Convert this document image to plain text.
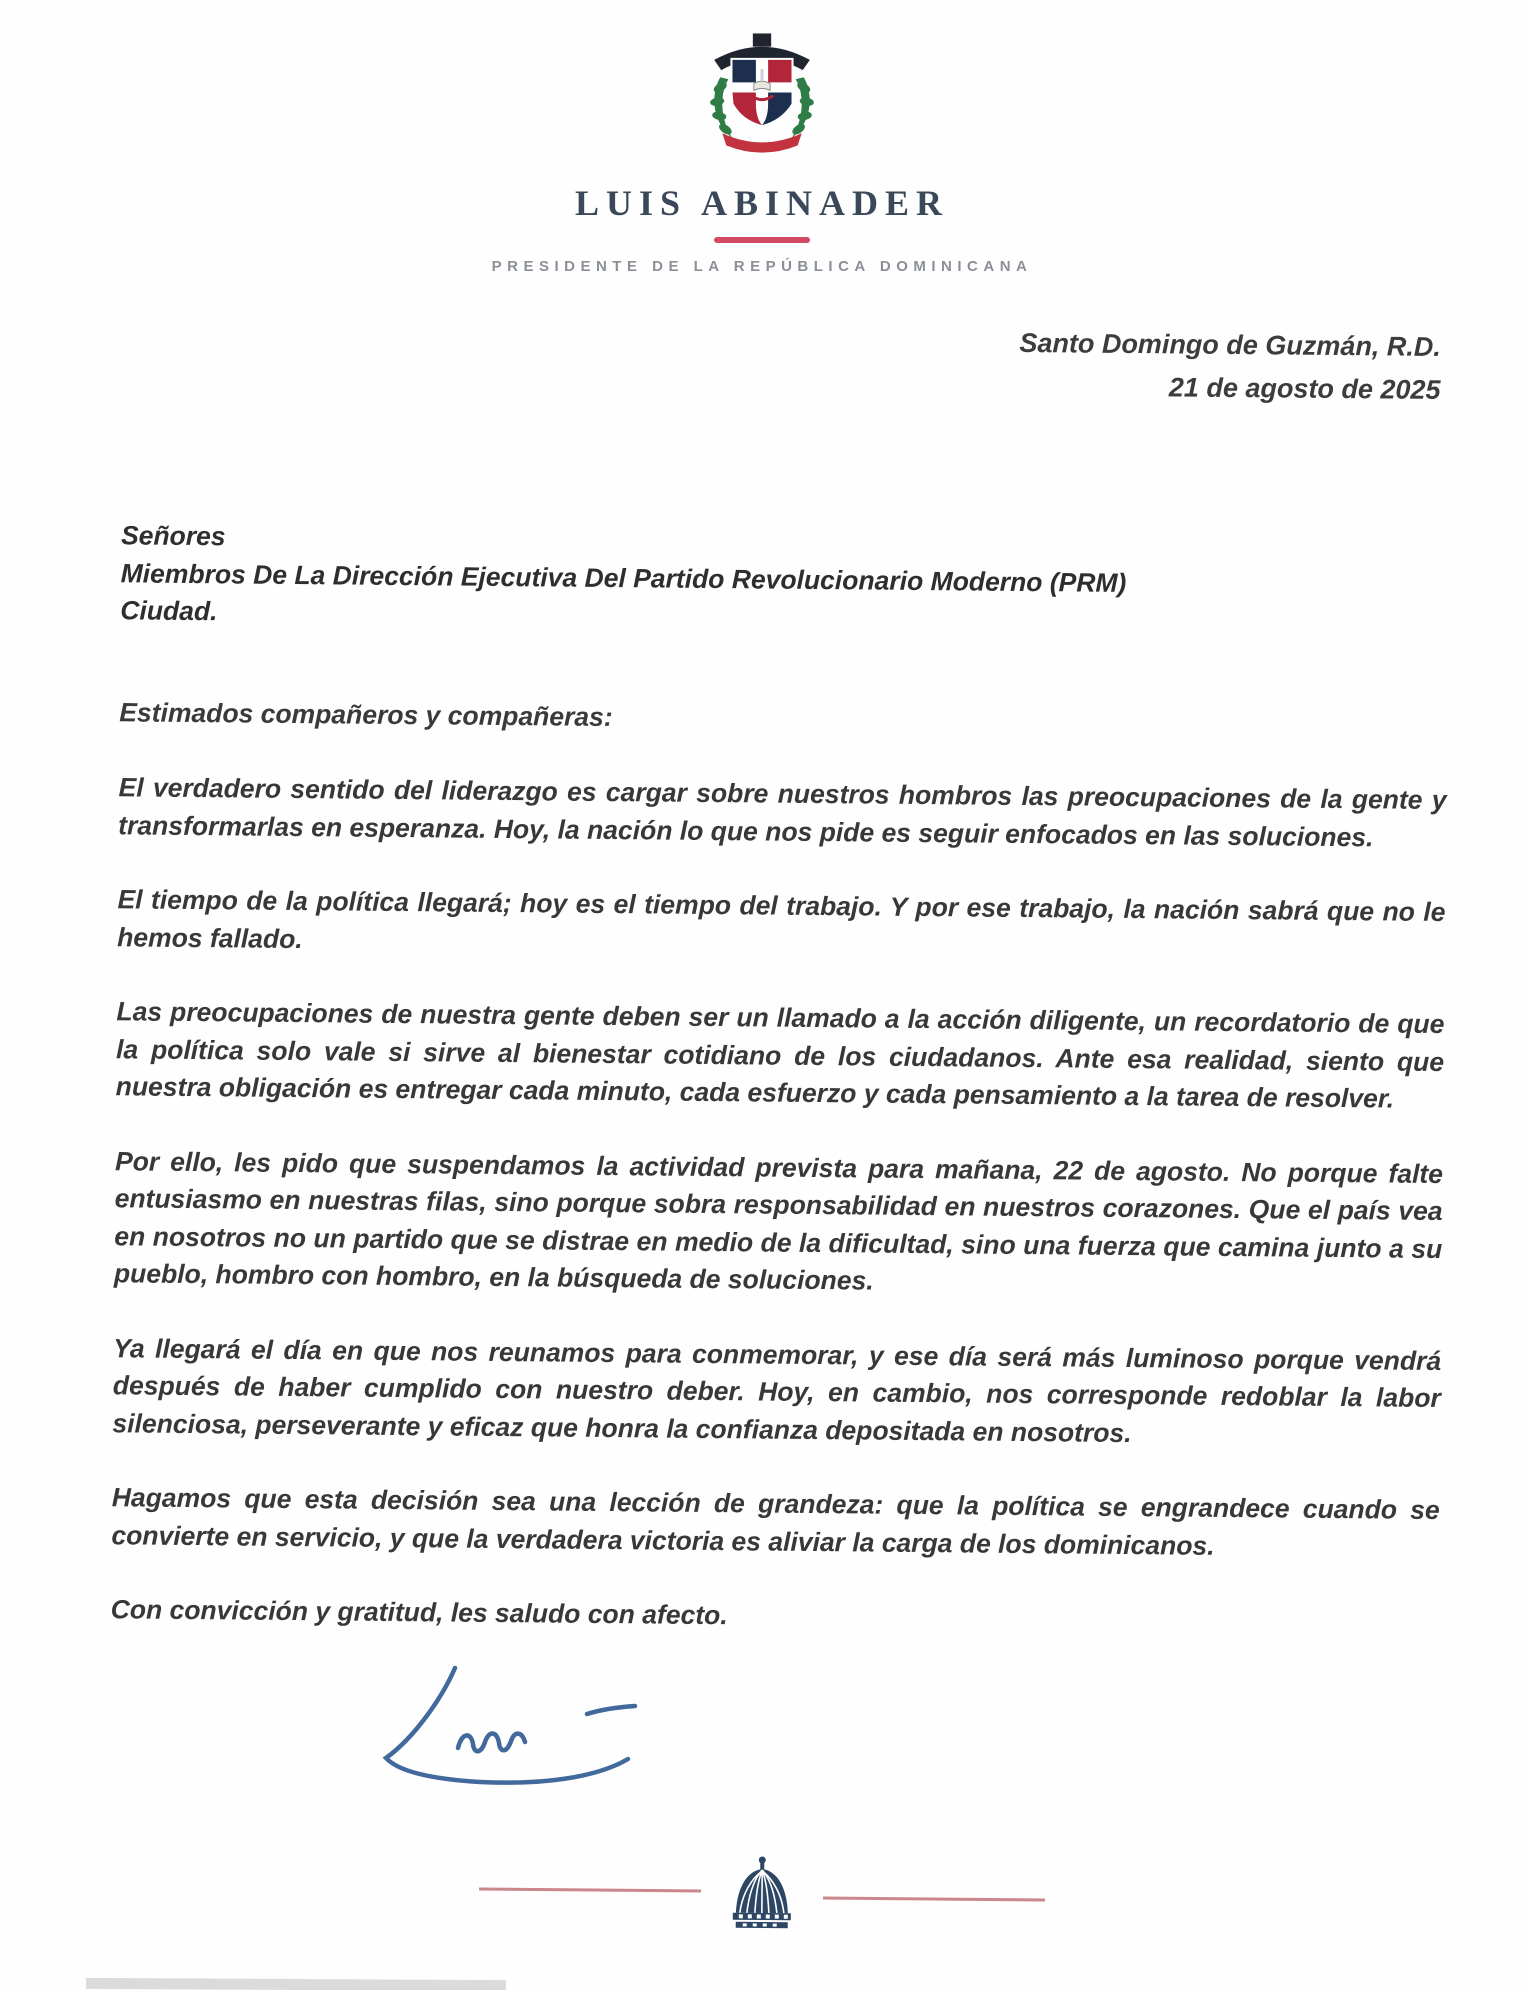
LUIS ABINADER
PRESIDENTE DE LA REPÚBLICA DOMINICANA
Santo Domingo de Guzmán, R.D.
21 de agosto de 2025
Señores
Miembros De La Dirección Ejecutiva Del Partido Revolucionario Moderno (PRM)
Ciudad.

Estimados compañeros y compañeras:

El verdadero sentido del liderazgo es cargar sobre nuestros hombros las preocupaciones de la gente y transformarlas en esperanza. Hoy, la nación lo que nos pide es seguir enfocados en las soluciones.

El tiempo de la política llegará; hoy es el tiempo del trabajo. Y por ese trabajo, la nación sabrá que no le hemos fallado.

Las preocupaciones de nuestra gente deben ser un llamado a la acción diligente, un recordatorio de que la política solo vale si sirve al bienestar cotidiano de los ciudadanos. Ante esa realidad, siento que nuestra obligación es entregar cada minuto, cada esfuerzo y cada pensamiento a la tarea de resolver.

Por ello, les pido que suspendamos la actividad prevista para mañana, 22 de agosto. No porque falte entusiasmo en nuestras filas, sino porque sobra responsabilidad en nuestros corazones. Que el país vea en nosotros no un partido que se distrae en medio de la dificultad, sino una fuerza que camina junto a su pueblo, hombro con hombro, en la búsqueda de soluciones.

Ya llegará el día en que nos reunamos para conmemorar, y ese día será más luminoso porque vendrá después de haber cumplido con nuestro deber. Hoy, en cambio, nos corresponde redoblar la labor silenciosa, perseverante y eficaz que honra la confianza depositada en nosotros.

Hagamos que esta decisión sea una lección de grandeza: que la política se engrandece cuando se convierte en servicio, y que la verdadera victoria es aliviar la carga de los dominicanos.

Con convicción y gratitud, les saludo con afecto.
